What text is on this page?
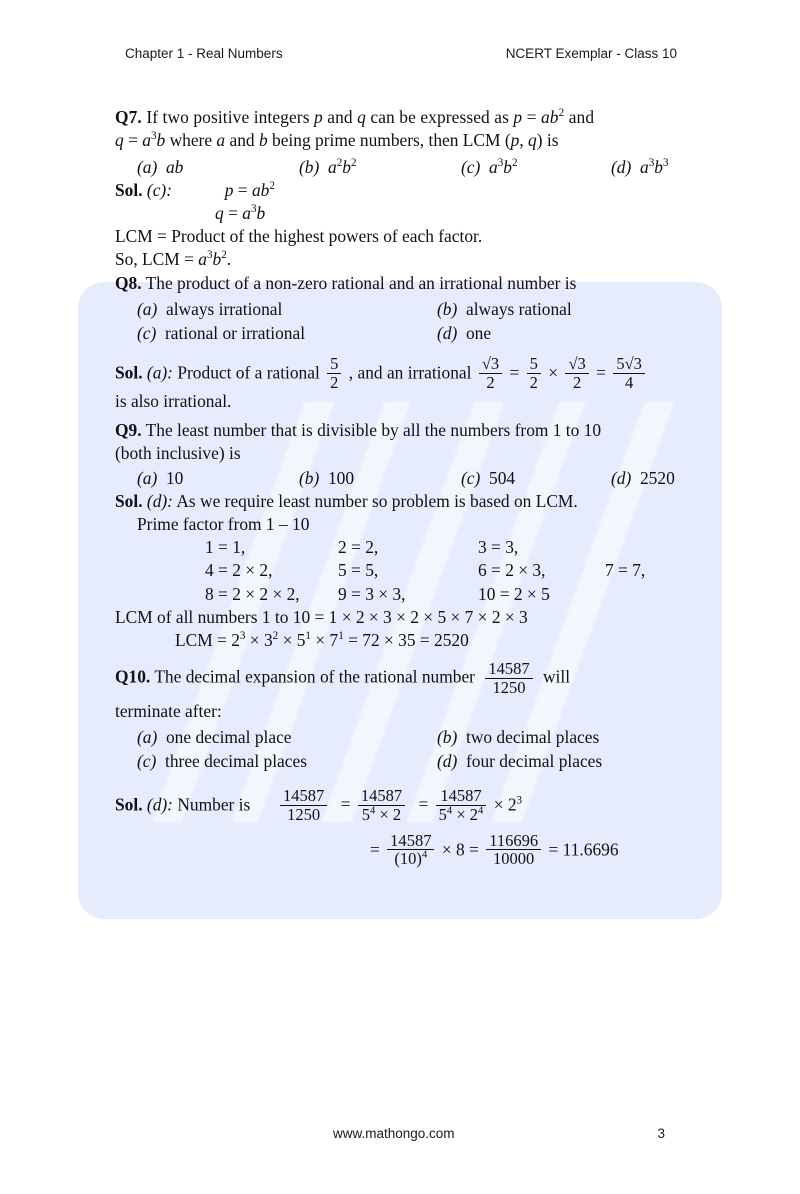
Chapter 1 - Real Numbers	NCERT Exemplar - Class 10
Q7. If two positive integers p and q can be expressed as $p = ab^2$ and
$q = a^3b$ where a and b being prime numbers, then LCM (p, q) is
(a) ab	(b) $a^2b^2$	(c) $a^3b^2$	(d) $a^3b^3$
Sol. (c):	$p = ab^2$
$q = a^3b$
LCM = Product of the highest powers of each factor.
So, LCM = $a^3b^2$.
Q8. The product of a non-zero rational and an irrational number is
(a) always irrational	(b) always rational
(c) rational or irrational	(d) one
Sol. (a): Product of a rational $\frac{5}{2}$ , and an irrational $\frac{√3}{2} = \frac{5}{2} \times \frac{√3}{2} = \frac{5√3}{4}$
is also irrational.
Q9. The least number that is divisible by all the numbers from 1 to 10
(both inclusive) is
(a) 10	(b) 100	(c) 504	(d) 2520
Sol. (d): As we require least number so problem is based on LCM.
Prime factor from 1 – 10
1 = 1,	2 = 2,	3 = 3,
4 = 2 × 2,	5 = 5,	6 = 2 × 3,	7 = 7,
8 = 2 × 2 × 2,	9 = 3 × 3,	10 = 2 × 5
LCM of all numbers 1 to 10 = 1 × 2 × 3 × 2 × 5 × 7 × 2 × 3
LCM = $2^3 \times 3^2 \times 5^1 \times 7^1 = 72 \times 35 = 2520$
Q10. The decimal expansion of the rational number $\frac{14587}{1250}$ will
terminate after:
(a) one decimal place	(b) two decimal places
(c) three decimal places	(d) four decimal places
Sol. (d): Number is $\frac{14587}{1250} = \frac{14587}{5^4 \times 2} = \frac{14587}{5^4 \times 2^4} \times 2^3$
= $\frac{14587}{(10)^4} \times 8 = \frac{116696}{10000} = 11.6696$
www.mathongo.com	3
